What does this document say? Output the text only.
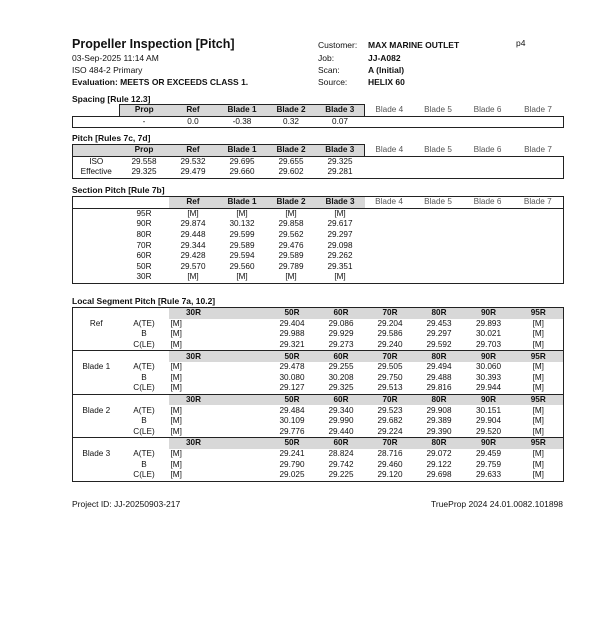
Propeller Inspection [Pitch]
03-Sep-2025 11:14 AM
ISO 484-2 Primary
Evaluation: MEETS OR EXCEEDS CLASS 1.
Customer:
Job:
Scan:
Source:
MAX MARINE OUTLET
JJ-A082
A (Initial)
HELIX 60
p4
Spacing [Rule 12.3]
	Prop	Ref	Blade 1	Blade 2	Blade 3	Blade 4	Blade 5	Blade 6	Blade 7
	-	0.0	-0.38	0.32	0.07				
Pitch [Rules 7c, 7d]
	Prop	Ref	Blade 1	Blade 2	Blade 3	Blade 4	Blade 5	Blade 6	Blade 7
ISO	29.558	29.532	29.695	29.655	29.325				
Effective	29.325	29.479	29.660	29.602	29.281				
Section Pitch [Rule 7b]
		Ref	Blade 1	Blade 2	Blade 3	Blade 4	Blade 5	Blade 6	Blade 7
	95R	[M]	[M]	[M]	[M]				
	90R	29.874	30.132	29.858	29.617				
	80R	29.448	29.599	29.562	29.297				
	70R	29.344	29.589	29.476	29.098				
	60R	29.428	29.594	29.589	29.262				
	50R	29.570	29.560	29.789	29.351				
	30R	[M]	[M]	[M]	[M]				
Local Segment Pitch [Rule 7a, 10.2]
		30R		50R	60R	70R	80R	90R	95R
Ref	A(TE)	[M]		29.404	29.086	29.204	29.453	29.893	[M]
	B	[M]		29.988	29.929	29.586	29.297	30.021	[M]
	C(LE)	[M]		29.321	29.273	29.240	29.592	29.703	[M]
		30R		50R	60R	70R	80R	90R	95R
Blade 1	A(TE)	[M]		29.478	29.255	29.505	29.494	30.060	[M]
	B	[M]		30.080	30.208	29.750	29.488	30.393	[M]
	C(LE)	[M]		29.127	29.325	29.513	29.816	29.944	[M]
		30R		50R	60R	70R	80R	90R	95R
Blade 2	A(TE)	[M]		29.484	29.340	29.523	29.908	30.151	[M]
	B	[M]		30.109	29.990	29.682	29.389	29.904	[M]
	C(LE)	[M]		29.776	29.440	29.224	29.390	29.520	[M]
		30R		50R	60R	70R	80R	90R	95R
Blade 3	A(TE)	[M]		29.241	28.824	28.716	29.072	29.459	[M]
	B	[M]		29.790	29.742	29.460	29.122	29.759	[M]
	C(LE)	[M]		29.025	29.225	29.120	29.698	29.633	[M]
Project ID: JJ-20250903-217	TrueProp 2024 24.01.0082.101898
